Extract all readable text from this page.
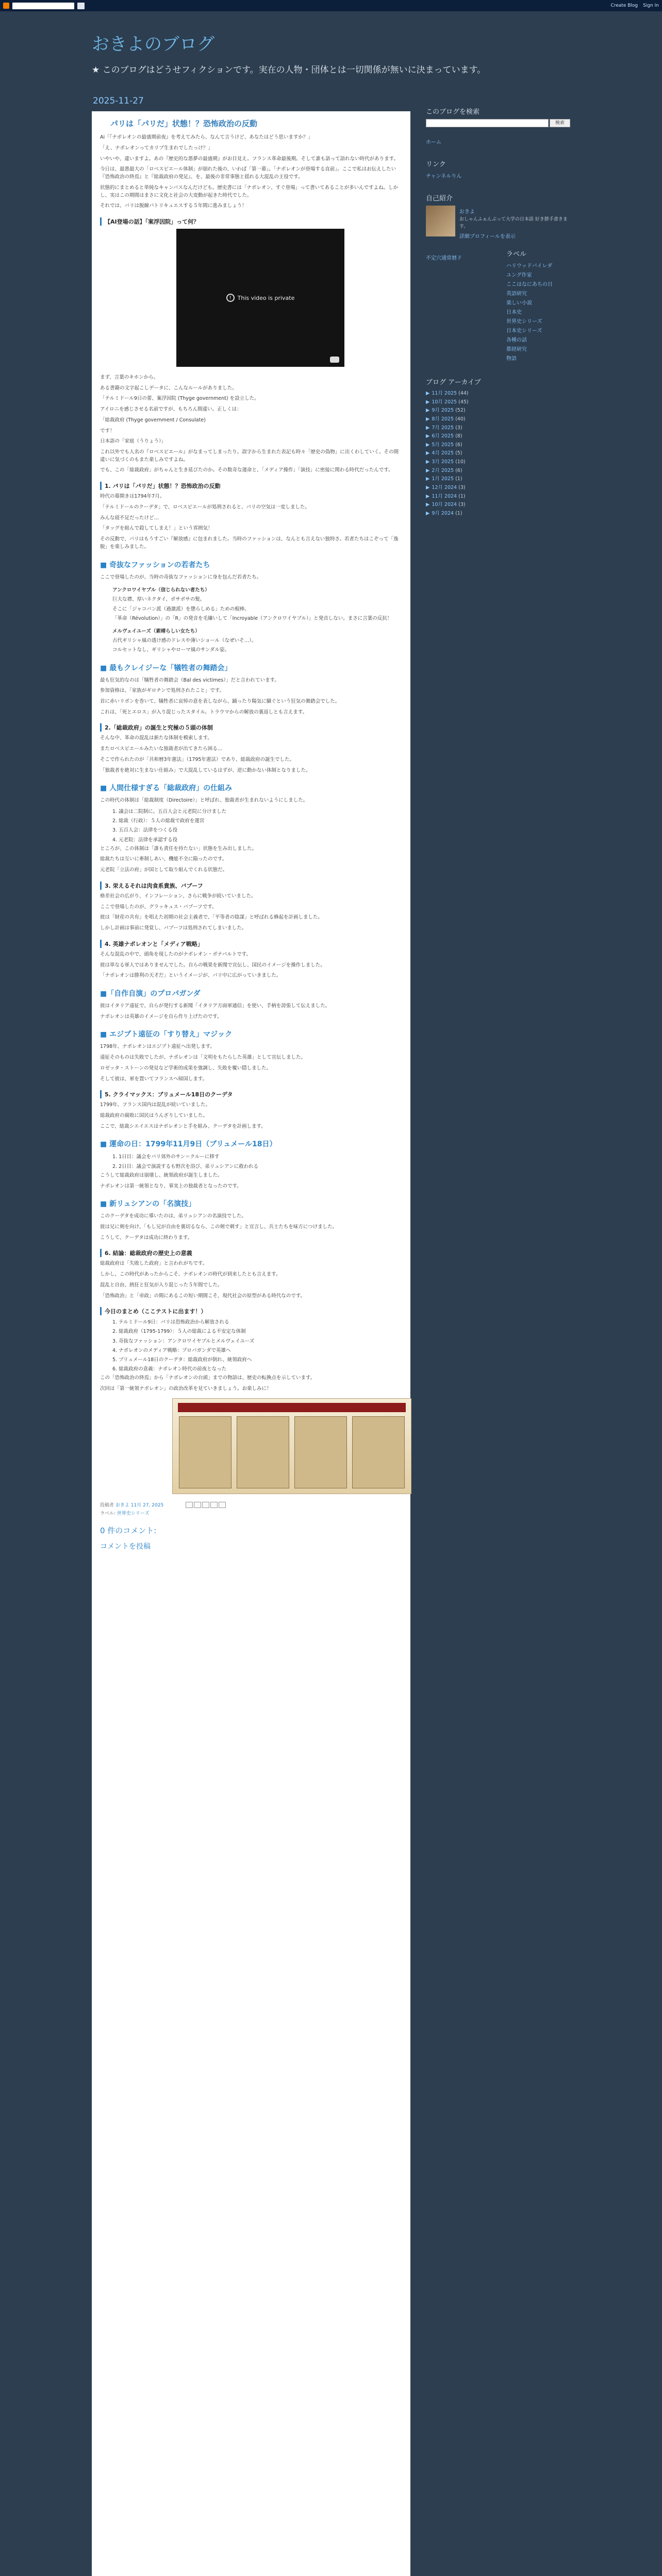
Create Blog Sign In
おきよのブログ
★ このブログはどうせフィクションです。実在の人物・団体とは一切関係が無いに決まっています。
2025-11-27
パリは「パリだ」状態！？恐怖政治の反動
Ai「『ナポレオンの最盛期前夜』を考えてみたら、なんて言うけど、あなたはどう思いますか？」
「え、ナポレオンってカリブ生まれでしたっけ？」
いやいや、違いますよ。あの『歴史的な悪夢の最盛期』がお目見え。フランス革命最後期。そして誰も語って語れない時代があります。
今日は、最悪最大の「ロベスピエール体制」が崩れた後の、いわば「第一幕」。「ナポレオンが登場する直前」。ここで私はお伝えしたい『恐怖政治の終焉』と『総裁政府の発足』、を、最後の非常事態と揺れる大混乱の主役です。
状態的にまとめると単純なキャンバスなんだけども。歴史書には「ナポレオン、すぐ登場」って書いてあることが多いんですよね。しかし、実はこの期間はまさに文化と社会の大変動が起きた時代でした。
それでは、パリは脱線パトリキュエスする５年間に進みましょう！
【AI登場の話】「案浮因院」って何？
!	This video is private
まず、言葉のキホンから。
ある書籍の文字起こしデータに、こんなルールがありました。
「テルミドール9日の蕾、案浮因院 (Thyge government) を設立した。
アイロニを感じさせる名前ですが、もちろん間違い。正しくは：
「総裁政府 (Thyge government / Consulate)
です！
日本語の「家庭（うりょう）」
これ以外でも人名の『ロベスピエール』がなまってしまったり。誤字から生まれた表記も時々「歴史の偽物」に出くわしていく。その間違いに気づくのもまた楽しみですよね。
でも、この「総裁政府」がちゃんと生き延びたのか。その数奇な運命と、「メディア操作」「演技」に密接に関わる時代だったんです。
1. パリは「パリだ」状態！？恐怖政治の反動
時代の幕開きは1794年7月。
「テルミドールのクーデタ」で、ロベスピエールが処刑されると、パリの空気は一変しました。
みんな寝不足だったけど…
「タッグを組んで殺してしまえ！」という雰囲気！
その反動で、パリはもうすごい『解放感』に包まれました。当時のファッションは、なんとも言えない独特さ。若者たちはこぞって「逸脱」を楽しみました。
■ 奇抜なファッションの若者たち
ここで登場したのが、当時の奇抜なファッションに身を包んだ若者たち。
アンクロワイヤブル（信じられない者たち）
巨大な襟、厚いネクタイ、ボサボサの髪。
そこに「ジャコバン派（過激派）を懲らしめる」ための棍棒。
「革命（Révolution）」の「R」の発音を毛嫌いして「Incroyable（アンクロワイヤブル）」と発音しない。まさに言葉の反抗！
メルヴェイユーズ（素晴らしい女たち）
古代ギリシャ風の透け感のドレスや薄いショール（なぜいそ…）。
コルセットなし、ギリシャやローマ風のサンダル姿。
■ 最もクレイジーな「犠牲者の舞踏会」
最も狂気的なのは「犠牲者の舞踏会（Bal des victimes）」だと言われています。
参加資格は、「家族がギロチンで処刑されたこと」です。
首に赤いリボンを巻いて、犠牲者に哀悼の意を表しながら、踊ったり陽気に騒ぐという狂気の舞踏会でした。
これは、「死とエロス」が入り混じったスタイル。トラウマからの解放の裏返しとも言えます。
2.「総裁政府」の誕生と究極の５頭の体制
そんな中、革命の混乱は新たな体制を模索します。
またロベスピエールみたいな独裁者が出てきたら困る…
そこで作られたのが「共和暦3年憲法」（1795年憲法）であり、総裁政府の誕生でした。
「独裁者を絶対に生まない仕組み」で大混乱しているはずが、逆に動かない体制となりました。
■ 人間仕様すぎる「総裁政府」の仕組み
この時代の体制は「総裁制度（Directoire）」と呼ばれ、独裁者が生まれないようにしました。
1. 議会は二院制に。五百人会と元老院に分けました
2. 総裁（行政）：５人の総裁で政府を運営
3. 五百人会：法律をつくる役
4. 元老院：法律を承認する役
ところが、この体制は「誰も責任を持たない」状態を生み出しました。
総裁たちは互いに牽制しあい、機能不全に陥ったのです。
元老院「立法の府」が国として取り組んでくれる状態だ。
3. 栄えるそれは肉食系貴族、バブーフ
格差社会の広がり、インフレーション、さらに戦争が続いていました。
ここで登場したのが、グラッキュス・バブーフです。
彼は「財産の共有」を唱えた初期の社会主義者で、「平等者の陰謀」と呼ばれる蜂起を計画しました。
しかし計画は事前に発覚し、バブーフは処刑されてしまいました。
4. 英雄ナポレオンと「メディア戦略」
そんな混乱の中で、頭角を現したのがナポレオン・ボナパルトです。
彼は単なる軍人ではありませんでした。自らの戦果を新聞で宣伝し、国民のイメージを操作しました。
「ナポレオンは勝利の天才だ」というイメージが、パリ中に広がっていきました。
■「自作自演」のプロパガンダ
彼はイタリア遠征で、自らが発行する新聞「イタリア方面軍通信」を使い、手柄を誇張して伝えました。
ナポレオンは英雄のイメージを自ら作り上げたのです。
■ エジプト遠征の「すり替え」マジック
1798年、ナポレオンはエジプト遠征へ出発します。
遠征そのものは失敗でしたが、ナポレオンは「文明をもたらした英雄」として宣伝しました。
ロゼッタ・ストーンの発見など学術的成果を強調し、失敗を覆い隠しました。
そして彼は、軍を置いてフランスへ帰国します。
5. クライマックス：ブリュメール18日のクーデタ
1799年、フランス国内は混乱が続いていました。
総裁政府の腐敗に国民はうんざりしていました。
ここで、総裁シエイエスはナポレオンと手を組み、クーデタを計画します。
■ 運命の日：1799年11月9日（ブリュメール18日）
1. 1日目：議会をパリ郊外のサン＝クルーに移す
2. 2日目：議会で演説するも野次を浴び、弟リュシアンに救われる
こうして総裁政府は崩壊し、統領政府が誕生しました。
ナポレオンは第一統領となり、事実上の独裁者となったのです。
■ 新リュシアンの「名演技」
このクーデタを成功に導いたのは、弟リュシアンの名演技でした。
彼は兄に剣を向け、「もし兄が自由を裏切るなら、この剣で刺す」と宣言し、兵士たちを味方につけました。
こうして、クーデタは成功に終わります。
6. 結論：総裁政府の歴史上の意義
総裁政府は「失敗した政府」と言われがちです。
しかし、この時代があったからこそ、ナポレオンの時代が到来したとも言えます。
混乱と自由、熱狂と狂気が入り混じった５年間でした。
「恐怖政治」と「帝政」の間にあるこの短い期間こそ、現代社会の原型がある時代なのです。
今日のまとめ（ここテストに出ます！）
1. テルミドール9日：パリは恐怖政治から解放される
2. 総裁政府（1795-1799）：５人の総裁による不安定な体制
3. 奇抜なファッション：アンクロワイヤブルとメルヴェイユーズ
4. ナポレオンのメディア戦略：プロパガンダで英雄へ
5. ブリュメール18日のクーデタ：総裁政府が倒れ、統領政府へ
6. 総裁政府の意義：ナポレオン時代の前夜となった
この「恐怖政治の終焉」から「ナポレオンの台頭」までの物語は、歴史の転換点を示しています。
次回は「第一統領ナポレオン」の政治改革を見ていきましょう。お楽しみに！
投稿者 おきよ 11月 27, 2025

ラベル: 世界史シリーズ
0 件のコメント:
コメントを投稿
このブログを検索
検索
ホーム
リンク
チャンネルりん
自己紹介
おきよ
おしゃんふぁんぶって大学の日本語 好き勝手書きます。
詳細プロフィールを表示
不定穴通常暦ド
ラベル
ハリウッドバイレダ
ユング作家
ここはなにあちの日
英語研究
楽しい小説
日本史
世界史シリーズ
日本史シリーズ
各種の話
都経研究
物語
ブログ アーカイブ
▶ 11月 2025 (44)
▶ 10月 2025 (45)
▶ 9月 2025 (52)
▶ 8月 2025 (40)
▶ 7月 2025 (3)
▶ 6月 2025 (8)
▶ 5月 2025 (6)
▶ 4月 2025 (5)
▶ 3月 2025 (10)
▶ 2月 2025 (6)
▶ 1月 2025 (1)
▶ 12月 2024 (3)
▶ 11月 2024 (1)
▶ 10月 2024 (3)
▶ 9月 2024 (1)
